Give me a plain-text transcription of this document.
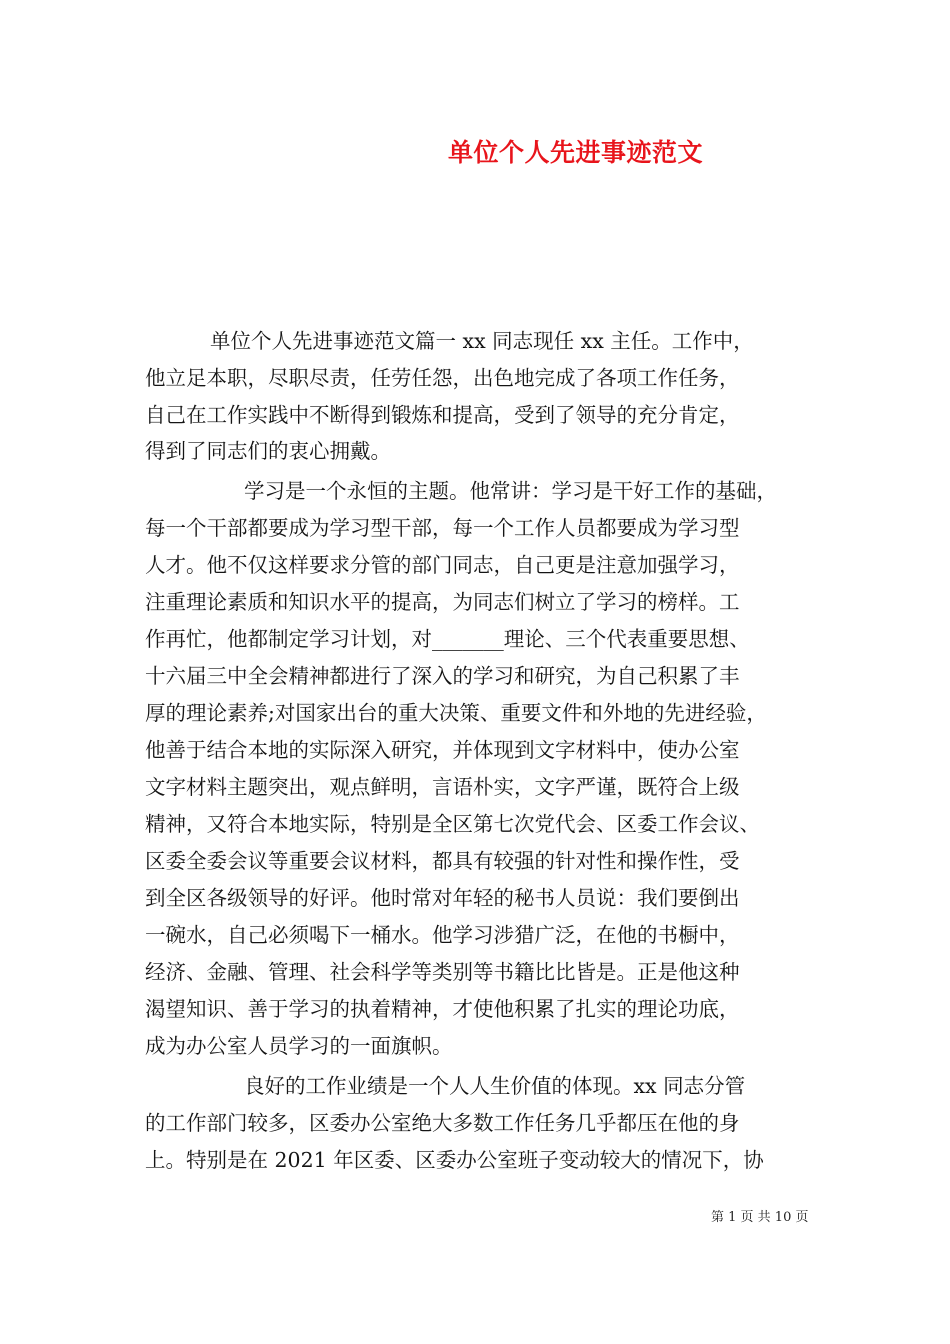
单位个人先进事迹范文

单位个人先进事迹范文篇一 xx 同志现任 xx 主任。工作中，

他立足本职，尽职尽责，任劳任怨，出色地完成了各项工作任务，

自己在工作实践中不断得到锻炼和提高，受到了领导的充分肯定，

得到了同志们的衷心拥戴。

学习是一个永恒的主题。他常讲：学习是干好工作的基础，

每一个干部都要成为学习型干部，每一个工作人员都要成为学习型

人才。他不仅这样要求分管的部门同志，自己更是注意加强学习，

注重理论素质和知识水平的提高，为同志们树立了学习的榜样。工

作再忙，他都制定学习计划，对_______理论、三个代表重要思想、

十六届三中全会精神都进行了深入的学习和研究，为自己积累了丰

厚的理论素养;对国家出台的重大决策、重要文件和外地的先进经验，

他善于结合本地的实际深入研究，并体现到文字材料中，使办公室

文字材料主题突出，观点鲜明，言语朴实，文字严谨，既符合上级

精神，又符合本地实际，特别是全区第七次党代会、区委工作会议、

区委全委会议等重要会议材料，都具有较强的针对性和操作性，受

到全区各级领导的好评。他时常对年轻的秘书人员说：我们要倒出

一碗水，自己必须喝下一桶水。他学习涉猎广泛，在他的书橱中，

经济、金融、管理、社会科学等类别等书籍比比皆是。正是他这种

渴望知识、善于学习的执着精神，才使他积累了扎实的理论功底，

成为办公室人员学习的一面旗帜。

良好的工作业绩是一个人人生价值的体现。xx 同志分管

的工作部门较多，区委办公室绝大多数工作任务几乎都压在他的身

上。特别是在 2021 年区委、区委办公室班子变动较大的情况下，协

第 1 页 共 10 页
